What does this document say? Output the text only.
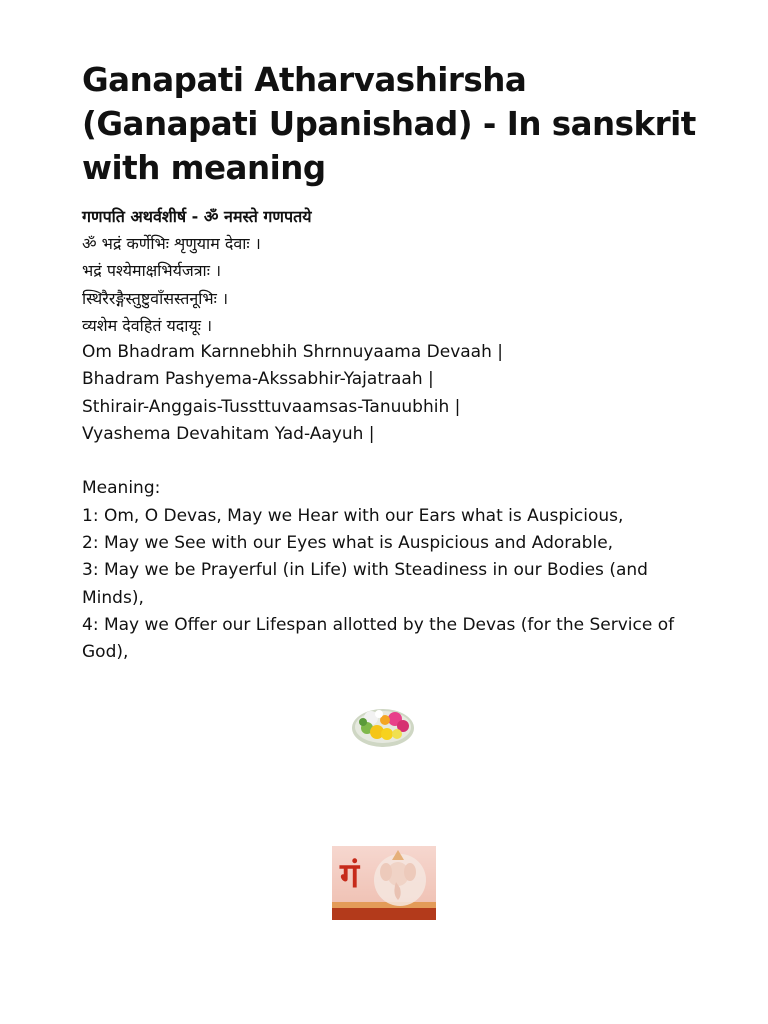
Ganapati Atharvashirsha (Ganapati Upanishad) - In sanskrit with meaning
गणपति अथर्वशीर्ष - ॐ नमस्ते गणपतये
ॐ भद्रं कर्णेभिः शृणुयाम देवाः ।
भद्रं पश्येमाक्षभिर्यजत्राः ।
स्थिरैरङ्गैस्तुष्टुवाँसस्तनूभिः ।
व्यशेम देवहितं यदायूः ।
Om Bhadram Karnnebhih Shrnnuyaama Devaah |
Bhadram Pashyema-Akssabhir-Yajatraah |
Sthirair-Anggais-Tussttuvaamsas-Tanuubhih |
Vyashema Devahitam Yad-Aayuh |
Meaning:
1: Om, O Devas, May we Hear with our Ears what is Auspicious,
2: May we See with our Eyes what is Auspicious and Adorable,
3: May we be Prayerful (in Life) with Steadiness in our Bodies (and Minds),
4: May we Offer our Lifespan allotted by the Devas (for the Service of God),
गं
